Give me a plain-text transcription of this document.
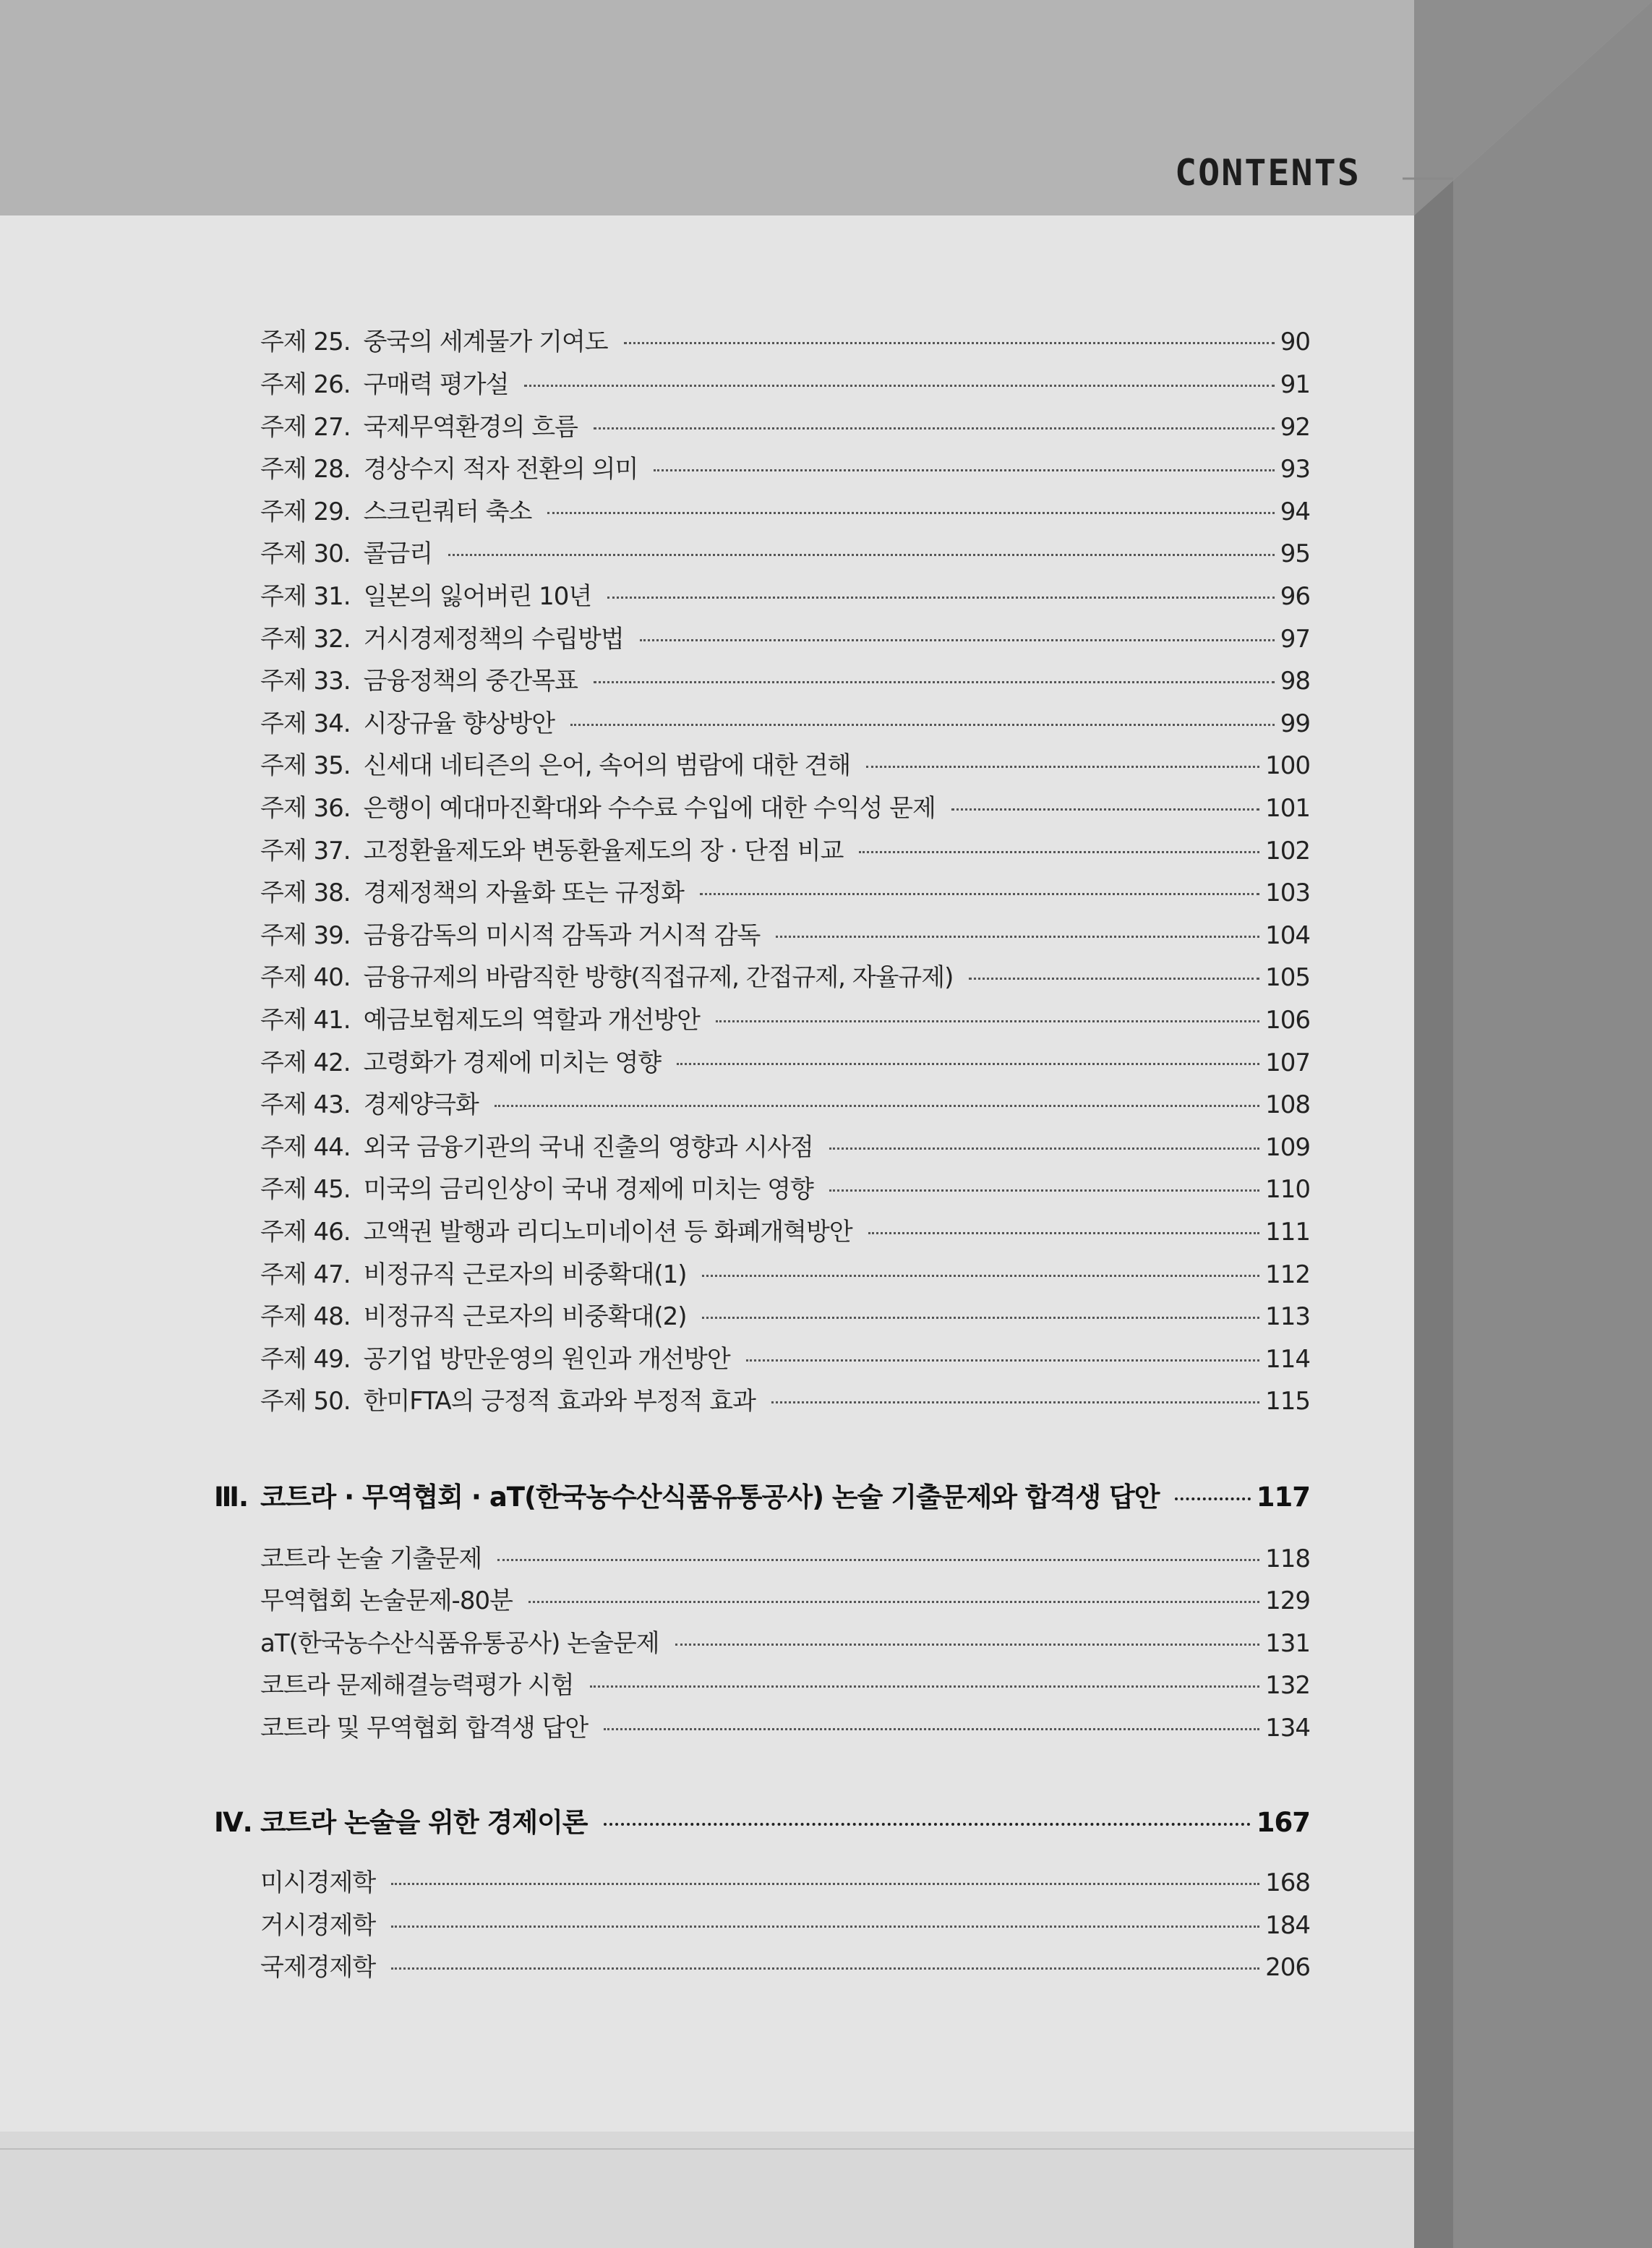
CONTENTS
주제 25. 중국의 세계물가 기여도	90
주제 26. 구매력 평가설	91
주제 27. 국제무역환경의 흐름	92
주제 28. 경상수지 적자 전환의 의미	93
주제 29. 스크린쿼터 축소	94
주제 30. 콜금리	95
주제 31. 일본의 잃어버린 10년	96
주제 32. 거시경제정책의 수립방법	97
주제 33. 금융정책의 중간목표	98
주제 34. 시장규율 향상방안	99
주제 35. 신세대 네티즌의 은어, 속어의 범람에 대한 견해	100
주제 36. 은행이 예대마진확대와 수수료 수입에 대한 수익성 문제	101
주제 37. 고정환율제도와 변동환율제도의 장 · 단점 비교	102
주제 38. 경제정책의 자율화 또는 규정화	103
주제 39. 금융감독의 미시적 감독과 거시적 감독	104
주제 40. 금융규제의 바람직한 방향(직접규제, 간접규제, 자율규제)	105
주제 41. 예금보험제도의 역할과 개선방안	106
주제 42. 고령화가 경제에 미치는 영향	107
주제 43. 경제양극화	108
주제 44. 외국 금융기관의 국내 진출의 영향과 시사점	109
주제 45. 미국의 금리인상이 국내 경제에 미치는 영향	110
주제 46. 고액권 발행과 리디노미네이션 등 화폐개혁방안	111
주제 47. 비정규직 근로자의 비중확대(1)	112
주제 48. 비정규직 근로자의 비중확대(2)	113
주제 49. 공기업 방만운영의 원인과 개선방안	114
주제 50. 한미FTA의 긍정적 효과와 부정적 효과	115
Ⅲ. 코트라 · 무역협회 · aT(한국농수산식품유통공사) 논술 기출문제와 합격생 답안	117
코트라 논술 기출문제	118
무역협회 논술문제-80분	129
aT(한국농수산식품유통공사) 논술문제	131
코트라 문제해결능력평가 시험	132
코트라 및 무역협회 합격생 답안	134
Ⅳ. 코트라 논술을 위한 경제이론	167
미시경제학	168
거시경제학	184
국제경제학	206
